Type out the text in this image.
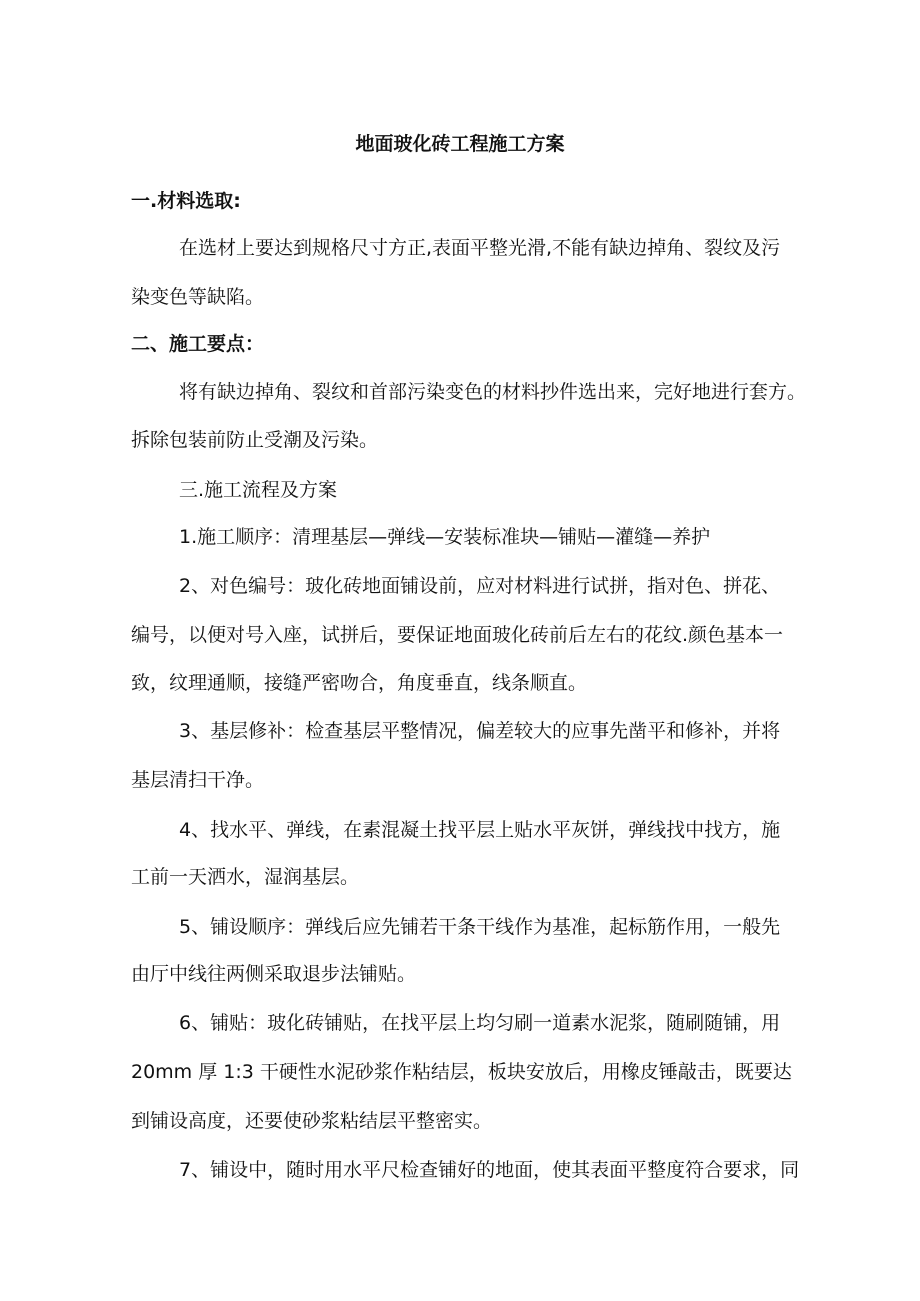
地面玻化砖工程施工方案
一.材料选取:
在选材上要达到规格尺寸方正,表面平整光滑,不能有缺边掉角、裂纹及污
染变色等缺陷。
二、施工要点：
将有缺边掉角、裂纹和首部污染变色的材料抄件选出来，完好地进行套方。
拆除包装前防止受潮及污染。
三.施工流程及方案
1.施工顺序：清理基层—弹线—安装标准块—铺贴—灌缝—养护
2、对色编号：玻化砖地面铺设前，应对材料进行试拼，指对色、拼花、
编号，以便对号入座，试拼后，要保证地面玻化砖前后左右的花纹.颜色基本一
致，纹理通顺，接缝严密吻合，角度垂直，线条顺直。
3、基层修补：检查基层平整情况，偏差较大的应事先凿平和修补，并将
基层清扫干净。
4、找水平、弹线，在素混凝土找平层上贴水平灰饼，弹线找中找方，施
工前一天洒水，湿润基层。
5、铺设顺序：弹线后应先铺若干条干线作为基准，起标筋作用，一般先
由厅中线往两侧采取退步法铺贴。
6、铺贴：玻化砖铺贴，在找平层上均匀刷一道素水泥浆，随刷随铺，用
20mm 厚 1:3 干硬性水泥砂浆作粘结层，板块安放后，用橡皮锤敲击，既要达
到铺设高度，还要使砂浆粘结层平整密实。
7、铺设中，随时用水平尺检查铺好的地面，使其表面平整度符合要求，同
